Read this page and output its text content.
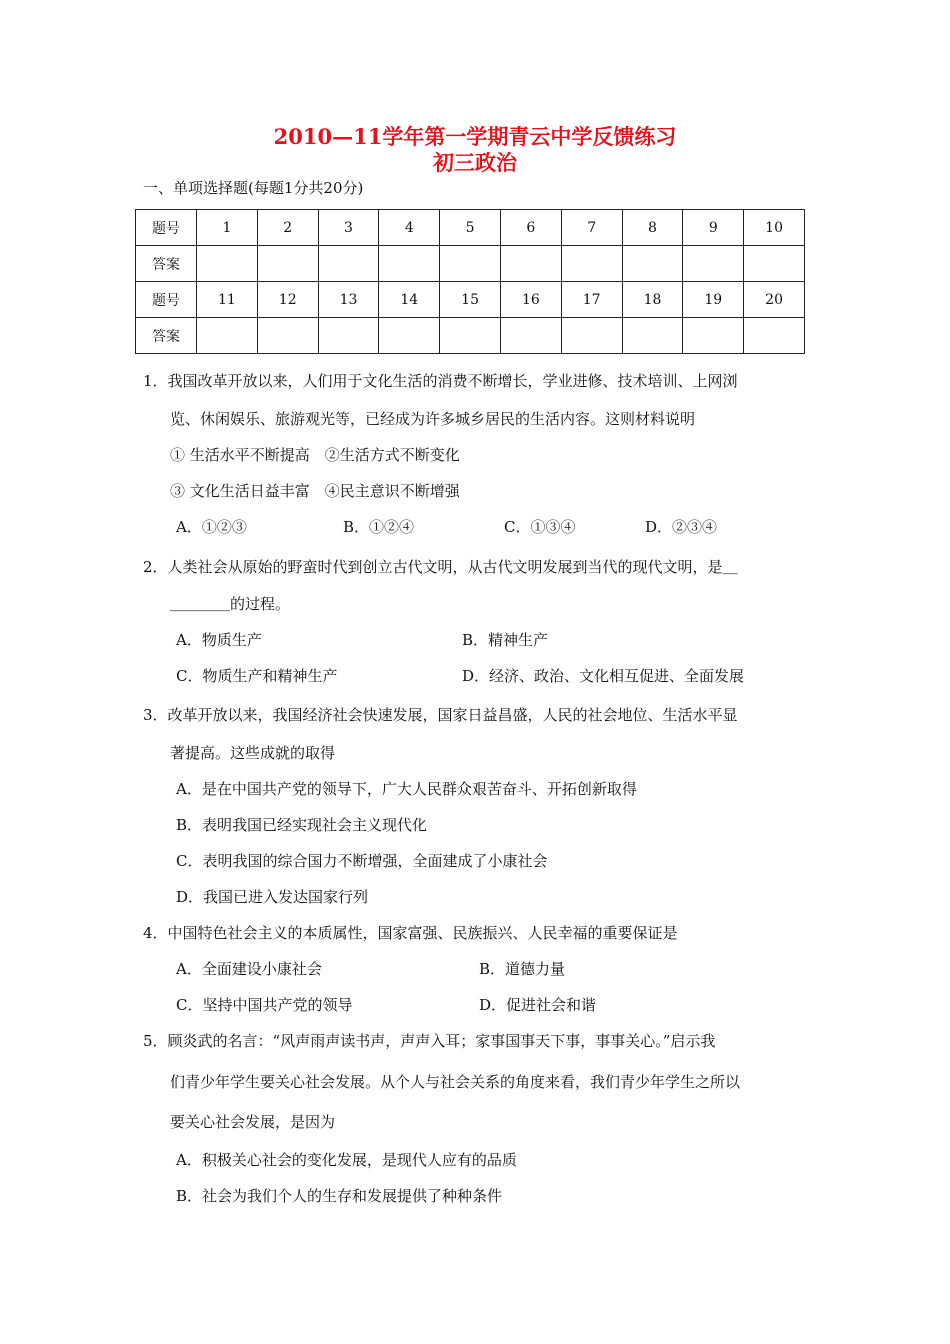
2010—11学年第一学期青云中学反馈练习
初三政治
一、单项选择题(每题1分共20分)
题号	1	2	3	4	5	6	7	8	9	10
答案										
题号	11	12	13	14	15	16	17	18	19	20
答案										
1．我国改革开放以来，人们用于文化生活的消费不断增长，学业进修、技术培训、上网浏
览、休闲娱乐、旅游观光等，已经成为许多城乡居民的生活内容。这则材料说明
① 生活水平不断提高　②生活方式不断变化
③ 文化生活日益丰富　④民主意识不断增强
A．①②③	B．①②④	C．①③④	D．②③④
2．人类社会从原始的野蛮时代到创立古代文明，从古代文明发展到当代的现代文明，是＿
＿＿＿＿的过程。
A．物质生产	B．精神生产
C．物质生产和精神生产	D．经济、政治、文化相互促进、全面发展
3．改革开放以来，我国经济社会快速发展，国家日益昌盛，人民的社会地位、生活水平显
著提高。这些成就的取得
A．是在中国共产党的领导下，广大人民群众艰苦奋斗、开拓创新取得
B．表明我国已经实现社会主义现代化
C．表明我国的综合国力不断增强，全面建成了小康社会
D．我国已进入发达国家行列
4．中国特色社会主义的本质属性，国家富强、民族振兴、人民幸福的重要保证是
A．全面建设小康社会	B．道德力量
C．坚持中国共产党的领导	D．促进社会和谐
5．顾炎武的名言：“风声雨声读书声，声声入耳；家事国事天下事，事事关心。”启示我
们青少年学生要关心社会发展。从个人与社会关系的角度来看，我们青少年学生之所以
要关心社会发展，是因为
A．积极关心社会的变化发展，是现代人应有的品质
B．社会为我们个人的生存和发展提供了种种条件
